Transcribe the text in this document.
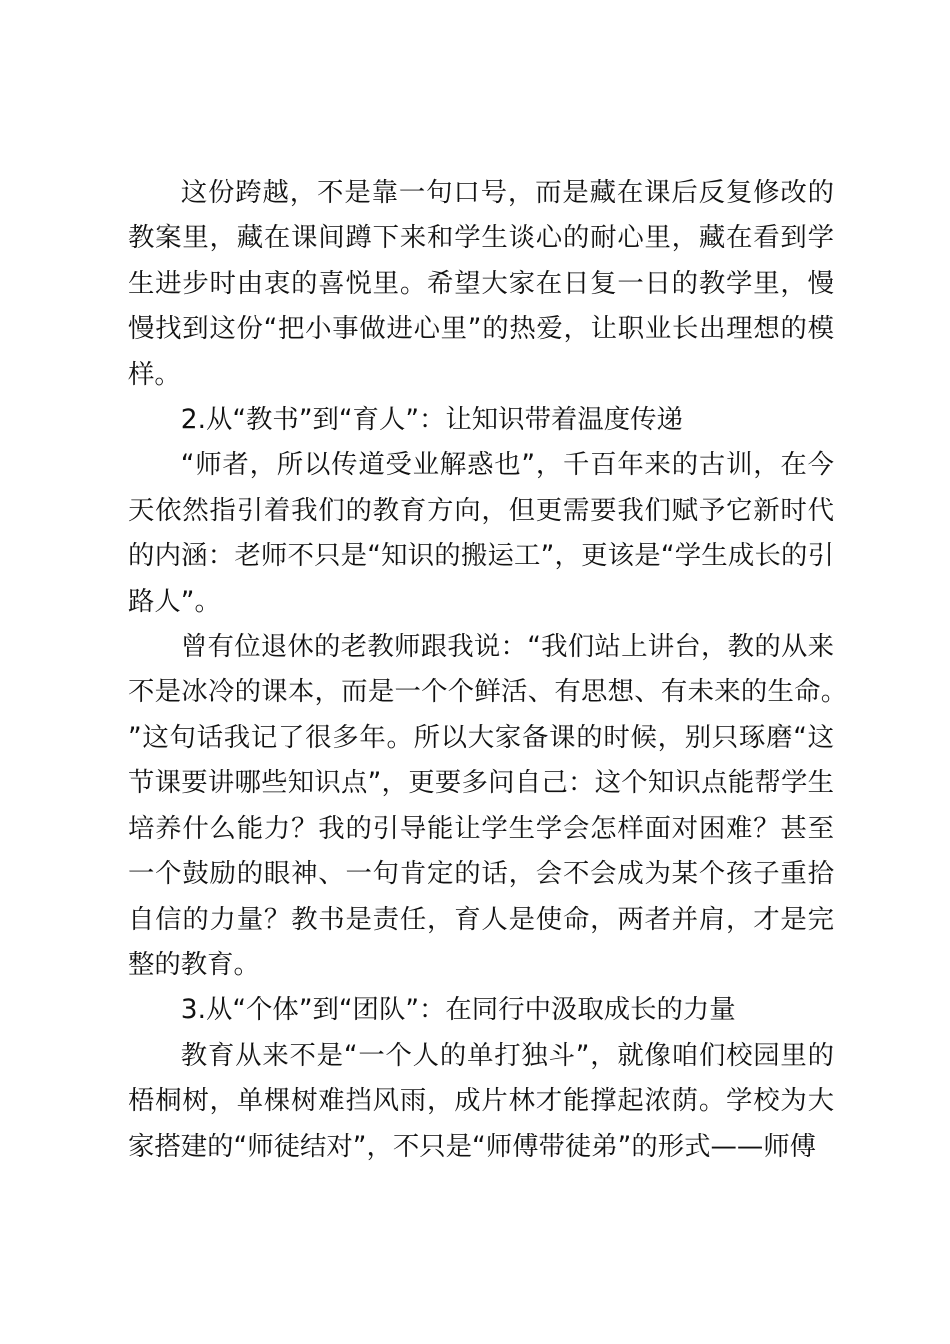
这份跨越，不是靠一句口号，而是藏在课后反复修改的教案里，藏在课间蹲下来和学生谈心的耐心里，藏在看到学生进步时由衷的喜悦里。希望大家在日复一日的教学里，慢慢找到这份“把小事做进心里”的热爱，让职业长出理想的模样。

2.从“教书”到“育人”：让知识带着温度传递

“师者，所以传道受业解惑也”，千百年来的古训，在今天依然指引着我们的教育方向，但更需要我们赋予它新时代的内涵：老师不只是“知识的搬运工”，更该是“学生成长的引路人”。

曾有位退休的老教师跟我说：“我们站上讲台，教的从来不是冰冷的课本，而是一个个鲜活、有思想、有未来的生命。”这句话我记了很多年。所以大家备课的时候，别只琢磨“这节课要讲哪些知识点”，更要多问自己：这个知识点能帮学生培养什么能力？我的引导能让学生学会怎样面对困难？甚至一个鼓励的眼神、一句肯定的话，会不会成为某个孩子重拾自信的力量？教书是责任，育人是使命，两者并肩，才是完整的教育。

3.从“个体”到“团队”：在同行中汲取成长的力量

教育从来不是“一个人的单打独斗”，就像咱们校园里的梧桐树，单棵树难挡风雨，成片林才能撑起浓荫。学校为大家搭建的“师徒结对”，不只是“师傅带徒弟”的形式——师傅
